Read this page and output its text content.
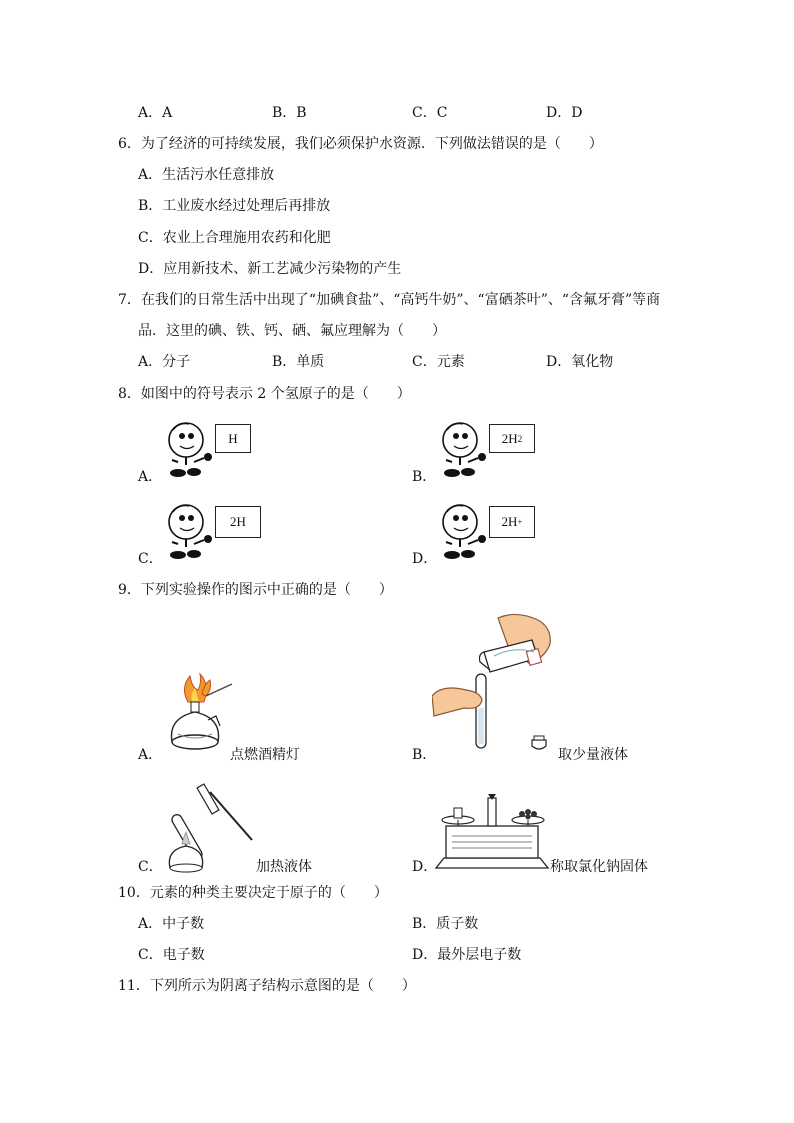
A．A	B．B	C．C	D．D
6．为了经济的可持续发展，我们必须保护水资源．下列做法错误的是（　　）
A．生活污水任意排放
B．工业废水经过处理后再排放
C．农业上合理施用农药和化肥
D．应用新技术、新工艺减少污染物的产生
7．在我们的日常生活中出现了“加碘食盐”、“高钙牛奶”、“富硒茶叶”、“含氟牙膏”等商
品．这里的碘、铁、钙、硒、氟应理解为（　　）
A．分子	B．单质	C．元素	D．氧化物
8．如图中的符号表示 2 个氢原子的是（　　）
A．
H
B．
2H 2
C．
2H
D．
2H +
9．下列实验操作的图示中正确的是（　　）
A．	点燃酒精灯	B．	取少量液体
C．	加热液体	D．	称取氯化钠固体
10．元素的种类主要决定于原子的（　　）
A．中子数	B．质子数
C．电子数	D．最外层电子数
11．下列所示为阴离子结构示意图的是（　　）
